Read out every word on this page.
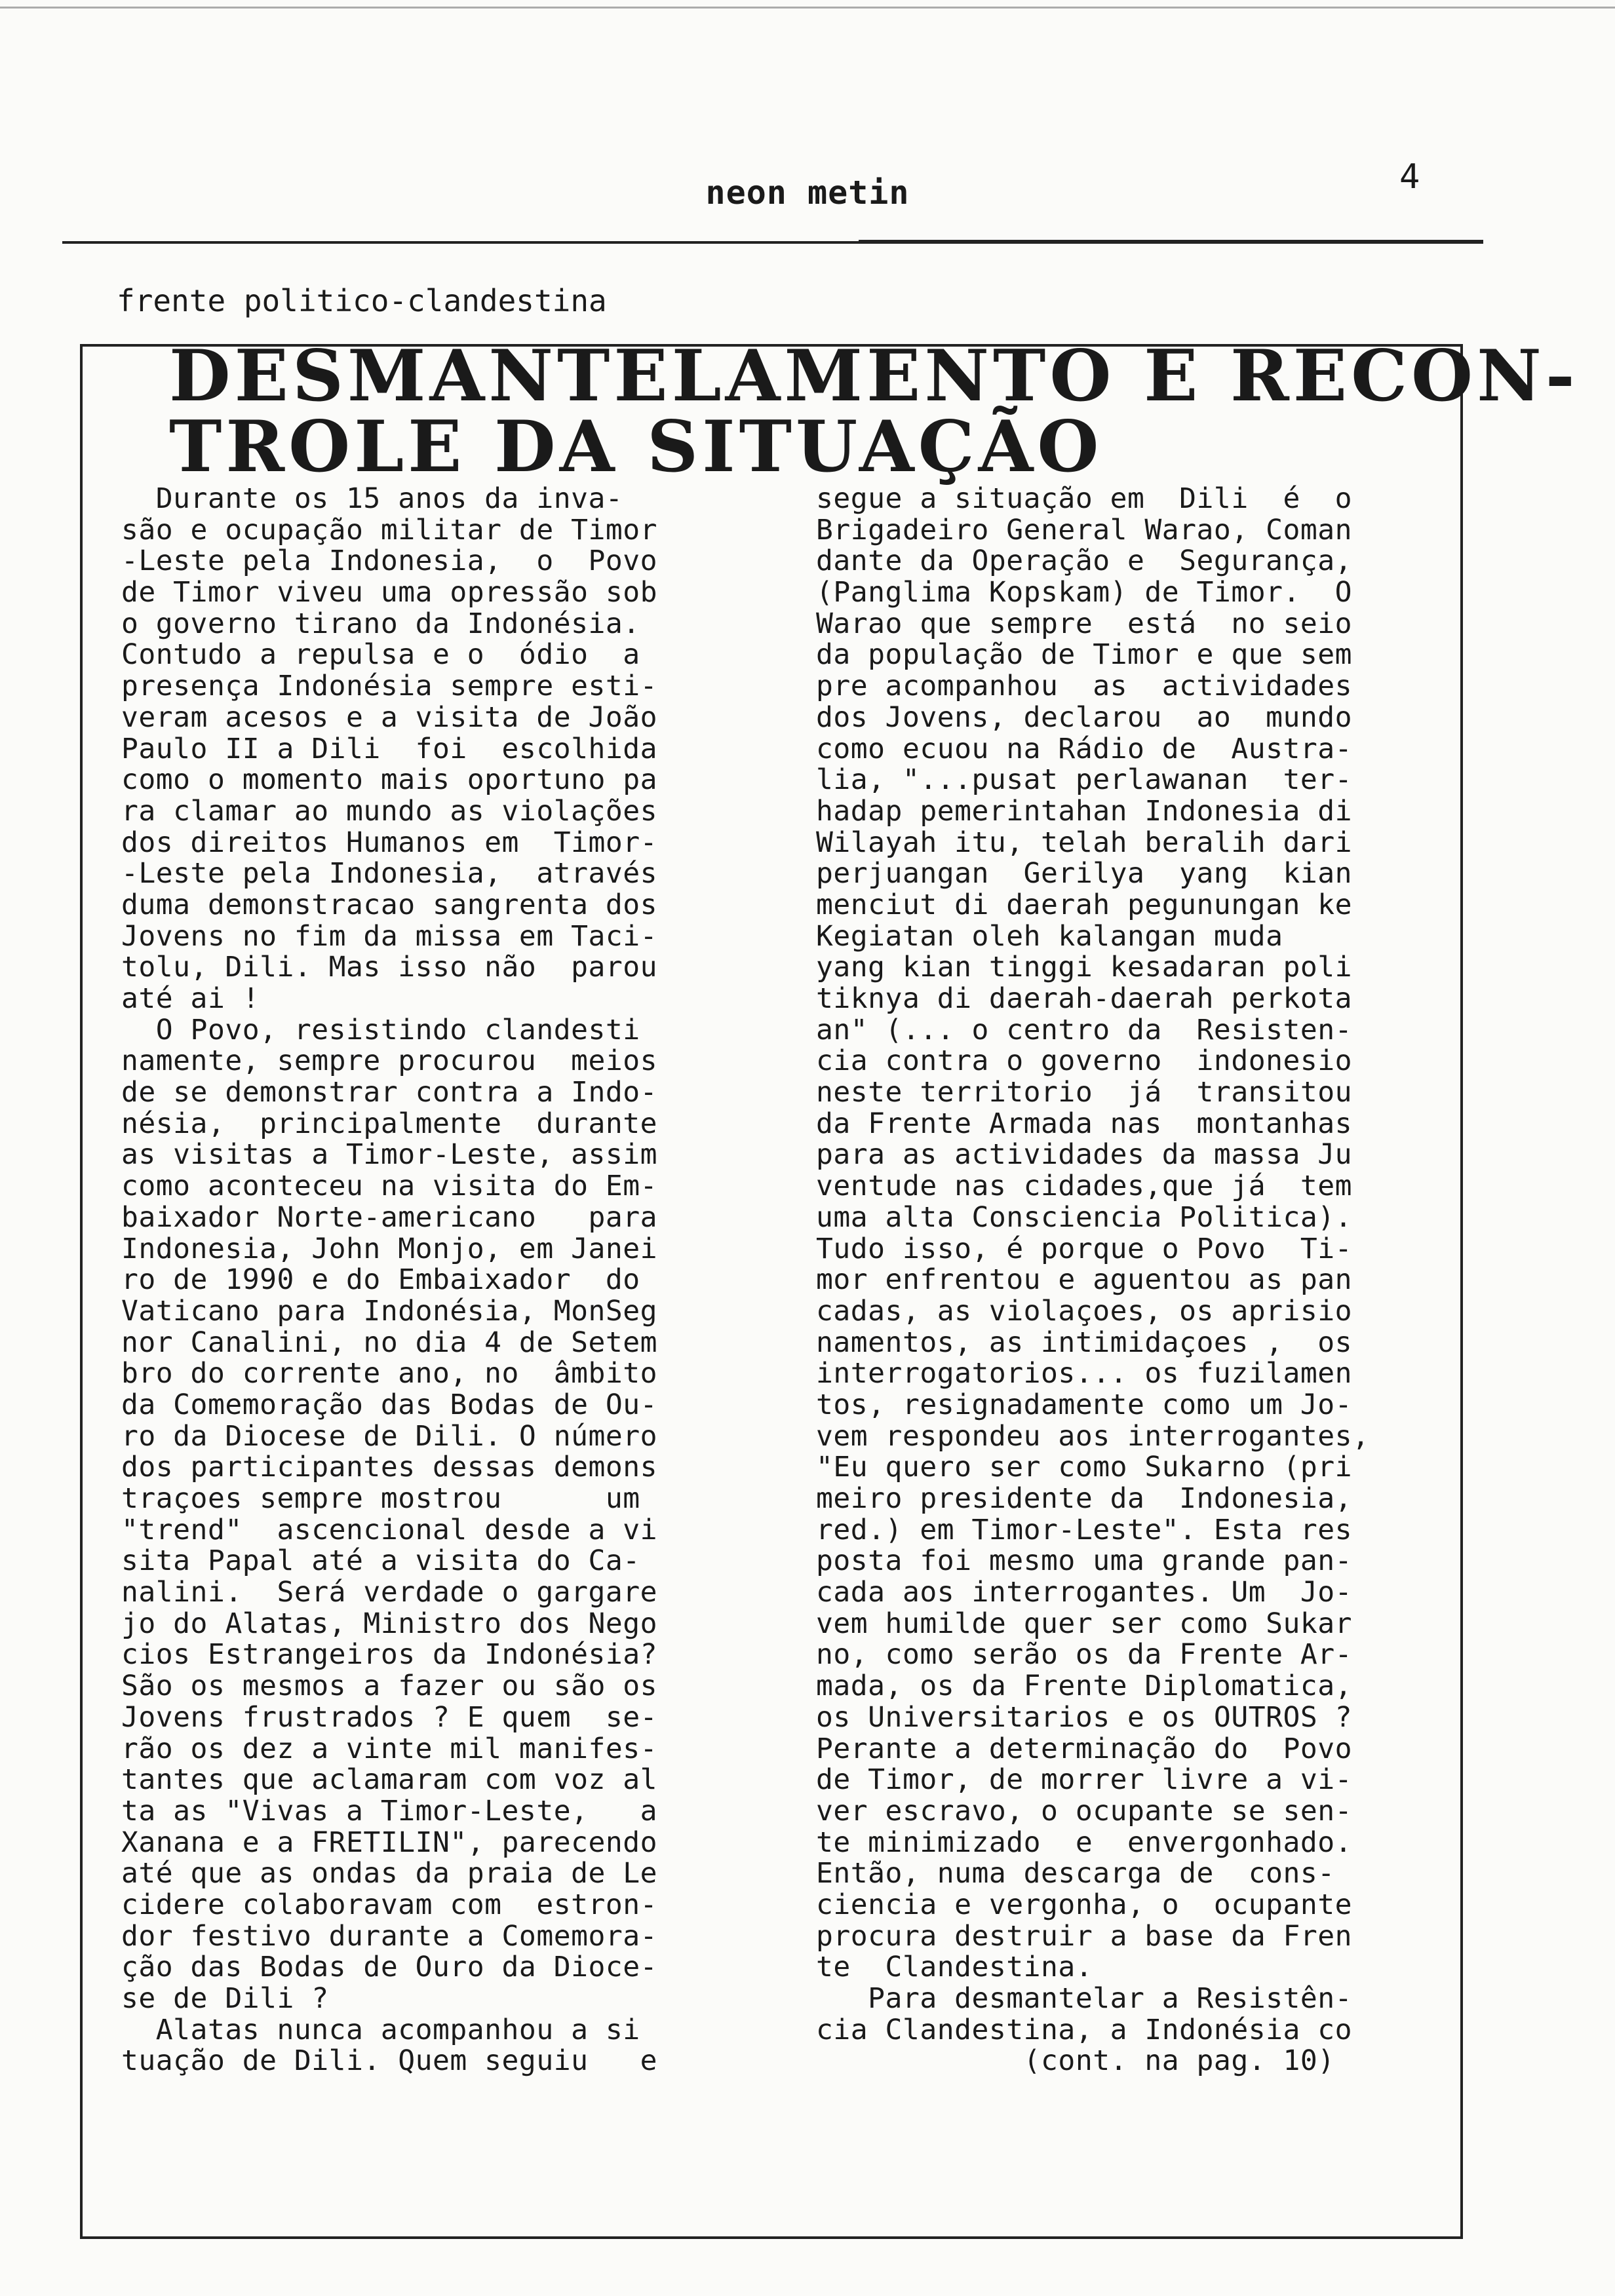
neon metin	4
frente politico-clandestina
DESMANTELAMENTO E RECON-
TROLE DA SITUAÇÃO
Durante os 15 anos da inva-
são e ocupação militar de Timor
-Leste pela Indonesia,  o  Povo
de Timor viveu uma opressão sob
o governo tirano da Indonésia.
Contudo a repulsa e o  ódio  a
presença Indonésia sempre esti-
veram acesos e a visita de João
Paulo II a Dili  foi  escolhida
como o momento mais oportuno pa
ra clamar ao mundo as violações
dos direitos Humanos em  Timor-
-Leste pela Indonesia,  através
duma demonstracao sangrenta dos
Jovens no fim da missa em Taci-
tolu, Dili. Mas isso não  parou
até ai !
O Povo, resistindo clandesti
namente, sempre procurou  meios
de se demonstrar contra a Indo-
nésia,  principalmente  durante
as visitas a Timor-Leste, assim
como aconteceu na visita do Em-
baixador Norte-americano   para
Indonesia, John Monjo, em Janei
ro de 1990 e do Embaixador  do
Vaticano para Indonésia, MonSeg
nor Canalini, no dia 4 de Setem
bro do corrente ano, no  âmbito
da Comemoração das Bodas de Ou-
ro da Diocese de Dili. O número
dos participantes dessas demons
traçoes sempre mostrou      um
"trend"  ascencional desde a vi
sita Papal até a visita do Ca-
nalini.  Será verdade o gargare
jo do Alatas, Ministro dos Nego
cios Estrangeiros da Indonésia?
São os mesmos a fazer ou são os
Jovens frustrados ? E quem  se-
rão os dez a vinte mil manifes-
tantes que aclamaram com voz al
ta as "Vivas a Timor-Leste,   a
Xanana e a FRETILIN", parecendo
até que as ondas da praia de Le
cidere colaboravam com  estron-
dor festivo durante a Comemora-
ção das Bodas de Ouro da Dioce-
se de Dili ?
Alatas nunca acompanhou a si
tuação de Dili. Quem seguiu   e
segue a situação em  Dili  é  o
Brigadeiro General Warao, Coman
dante da Operação e  Segurança,
(Panglima Kopskam) de Timor.  O
Warao que sempre  está  no seio
da população de Timor e que sem
pre acompanhou  as  actividades
dos Jovens, declarou  ao  mundo
como ecuou na Rádio de  Austra-
lia, "...pusat perlawanan  ter-
hadap pemerintahan Indonesia di
Wilayah itu, telah beralih dari
perjuangan  Gerilya  yang  kian
menciut di daerah pegunungan ke
Kegiatan oleh kalangan muda
yang kian tinggi kesadaran poli
tiknya di daerah-daerah perkota
an" (... o centro da  Resisten-
cia contra o governo  indonesio
neste territorio  já  transitou
da Frente Armada nas  montanhas
para as actividades da massa Ju
ventude nas cidades,que já  tem
uma alta Consciencia Politica).
Tudo isso, é porque o Povo  Ti-
mor enfrentou e aguentou as pan
cadas, as violaçoes, os aprisio
namentos, as intimidaçoes ,  os
interrogatorios... os fuzilamen
tos, resignadamente como um Jo-
vem respondeu aos interrogantes,
"Eu quero ser como Sukarno (pri
meiro presidente da  Indonesia,
red.) em Timor-Leste". Esta res
posta foi mesmo uma grande pan-
cada aos interrogantes. Um  Jo-
vem humilde quer ser como Sukar
no, como serão os da Frente Ar-
mada, os da Frente Diplomatica,
os Universitarios e os OUTROS ?
Perante a determinação do  Povo
de Timor, de morrer livre a vi-
ver escravo, o ocupante se sen-
te minimizado  e  envergonhado.
Então, numa descarga de  cons-
ciencia e vergonha, o  ocupante
procura destruir a base da Fren
te  Clandestina.
Para desmantelar a Resistên-
cia Clandestina, a Indonésia co
(cont. na pag. 10)
